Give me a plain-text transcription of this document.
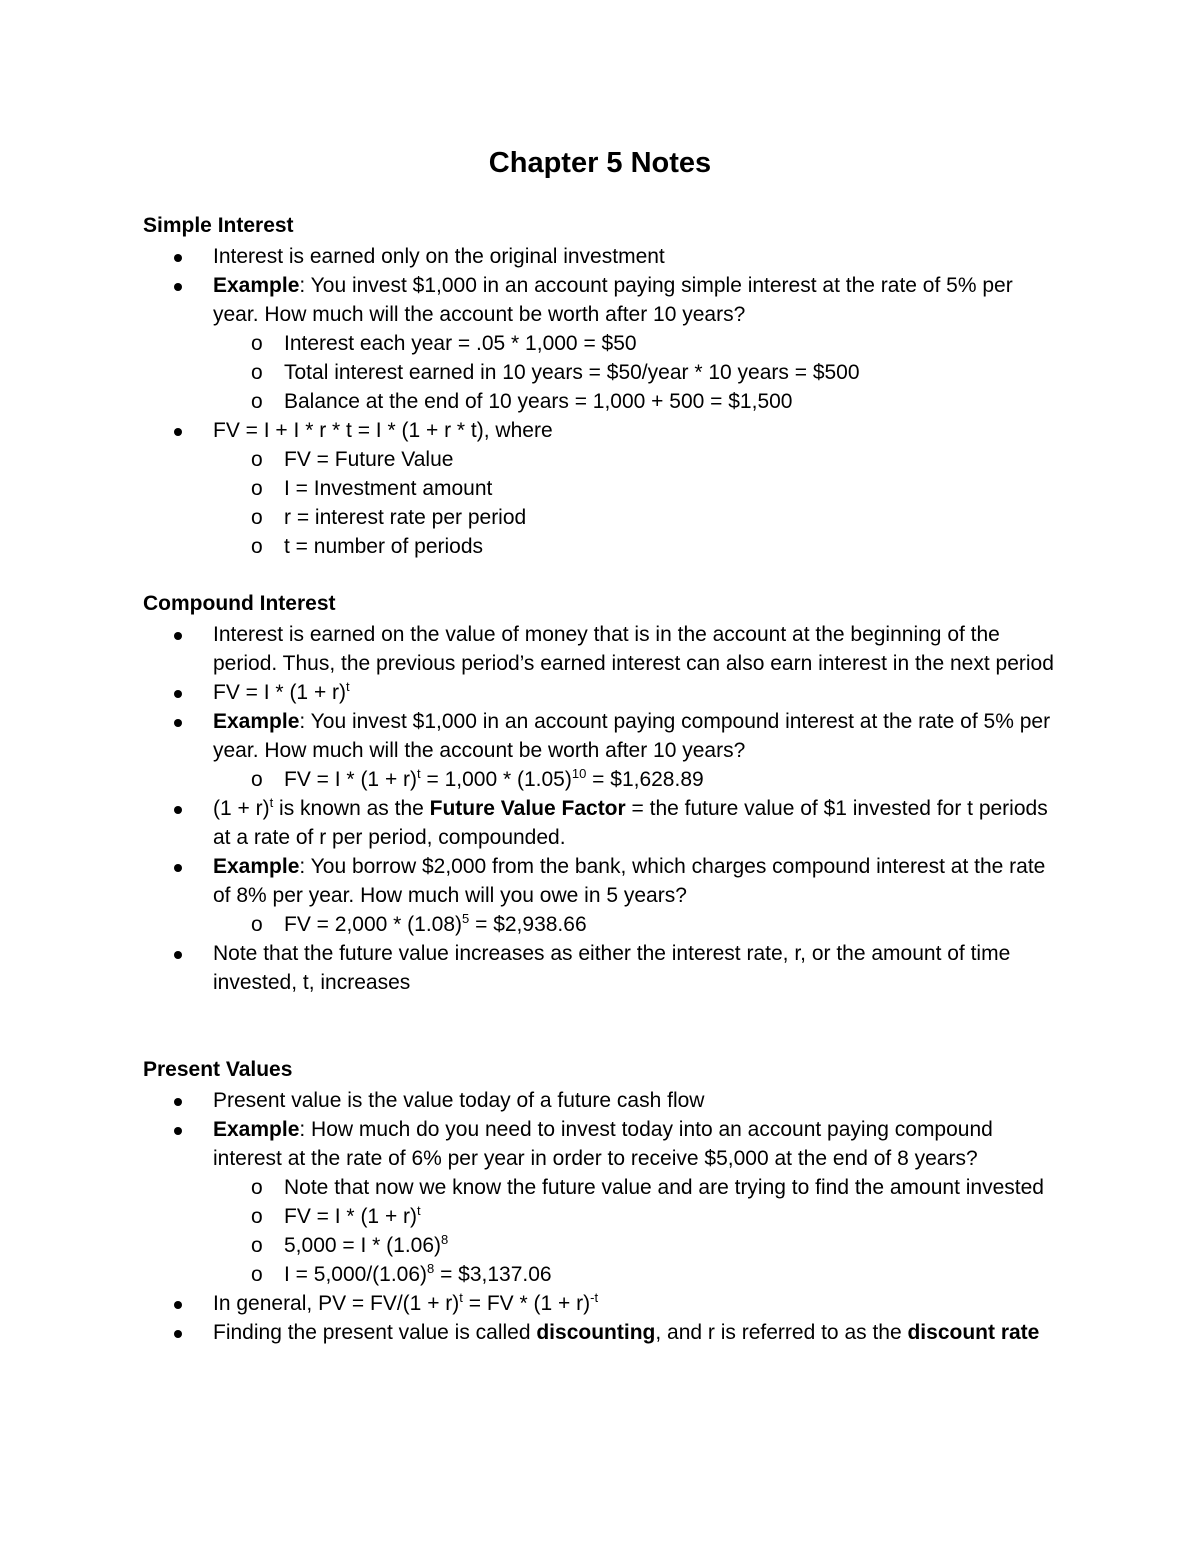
Chapter 5 Notes
Simple Interest
Interest is earned only on the original investment
Example: You invest $1,000 in an account paying simple interest at the rate of 5% per year. How much will the account be worth after 10 years?
o Interest each year = .05 * 1,000 = $50
o Total interest earned in 10 years = $50/year * 10 years = $500
o Balance at the end of 10 years = 1,000 + 500 = $1,500
FV = I + I * r * t = I * (1 + r * t), where
o FV = Future Value
o I = Investment amount
o r = interest rate per period
o t = number of periods
Compound Interest
Interest is earned on the value of money that is in the account at the beginning of the period. Thus, the previous period’s earned interest can also earn interest in the next period
FV = $I * (1 + r)^t$
Example: You invest $1,000 in an account paying compound interest at the rate of 5% per year. How much will the account be worth after 10 years?
o FV = $I * (1 + r)^t = 1,000 * (1.05)^{10}$ = $1,628.89
$(1 + r)^t$ is known as the Future Value Factor = the future value of $1 invested for t periods at a rate of r per period, compounded.
Example: You borrow $2,000 from the bank, which charges compound interest at the rate of 8% per year. How much will you owe in 5 years?
o FV = $2,000 * (1.08)^5$ = $2,938.66
Note that the future value increases as either the interest rate, r, or the amount of time invested, t, increases
Present Values
Present value is the value today of a future cash flow
Example: How much do you need to invest today into an account paying compound interest at the rate of 6% per year in order to receive $5,000 at the end of 8 years?
o Note that now we know the future value and are trying to find the amount invested
o FV = $I * (1 + r)^t$
o $5,000 = I * (1.06)^8$
o $I = 5,000/(1.06)^8$ = $3,137.06
In general, PV = $FV/(1 + r)^t$ = FV * $(1 + r)^{-t}$
Finding the present value is called discounting, and r is referred to as the discount rate
